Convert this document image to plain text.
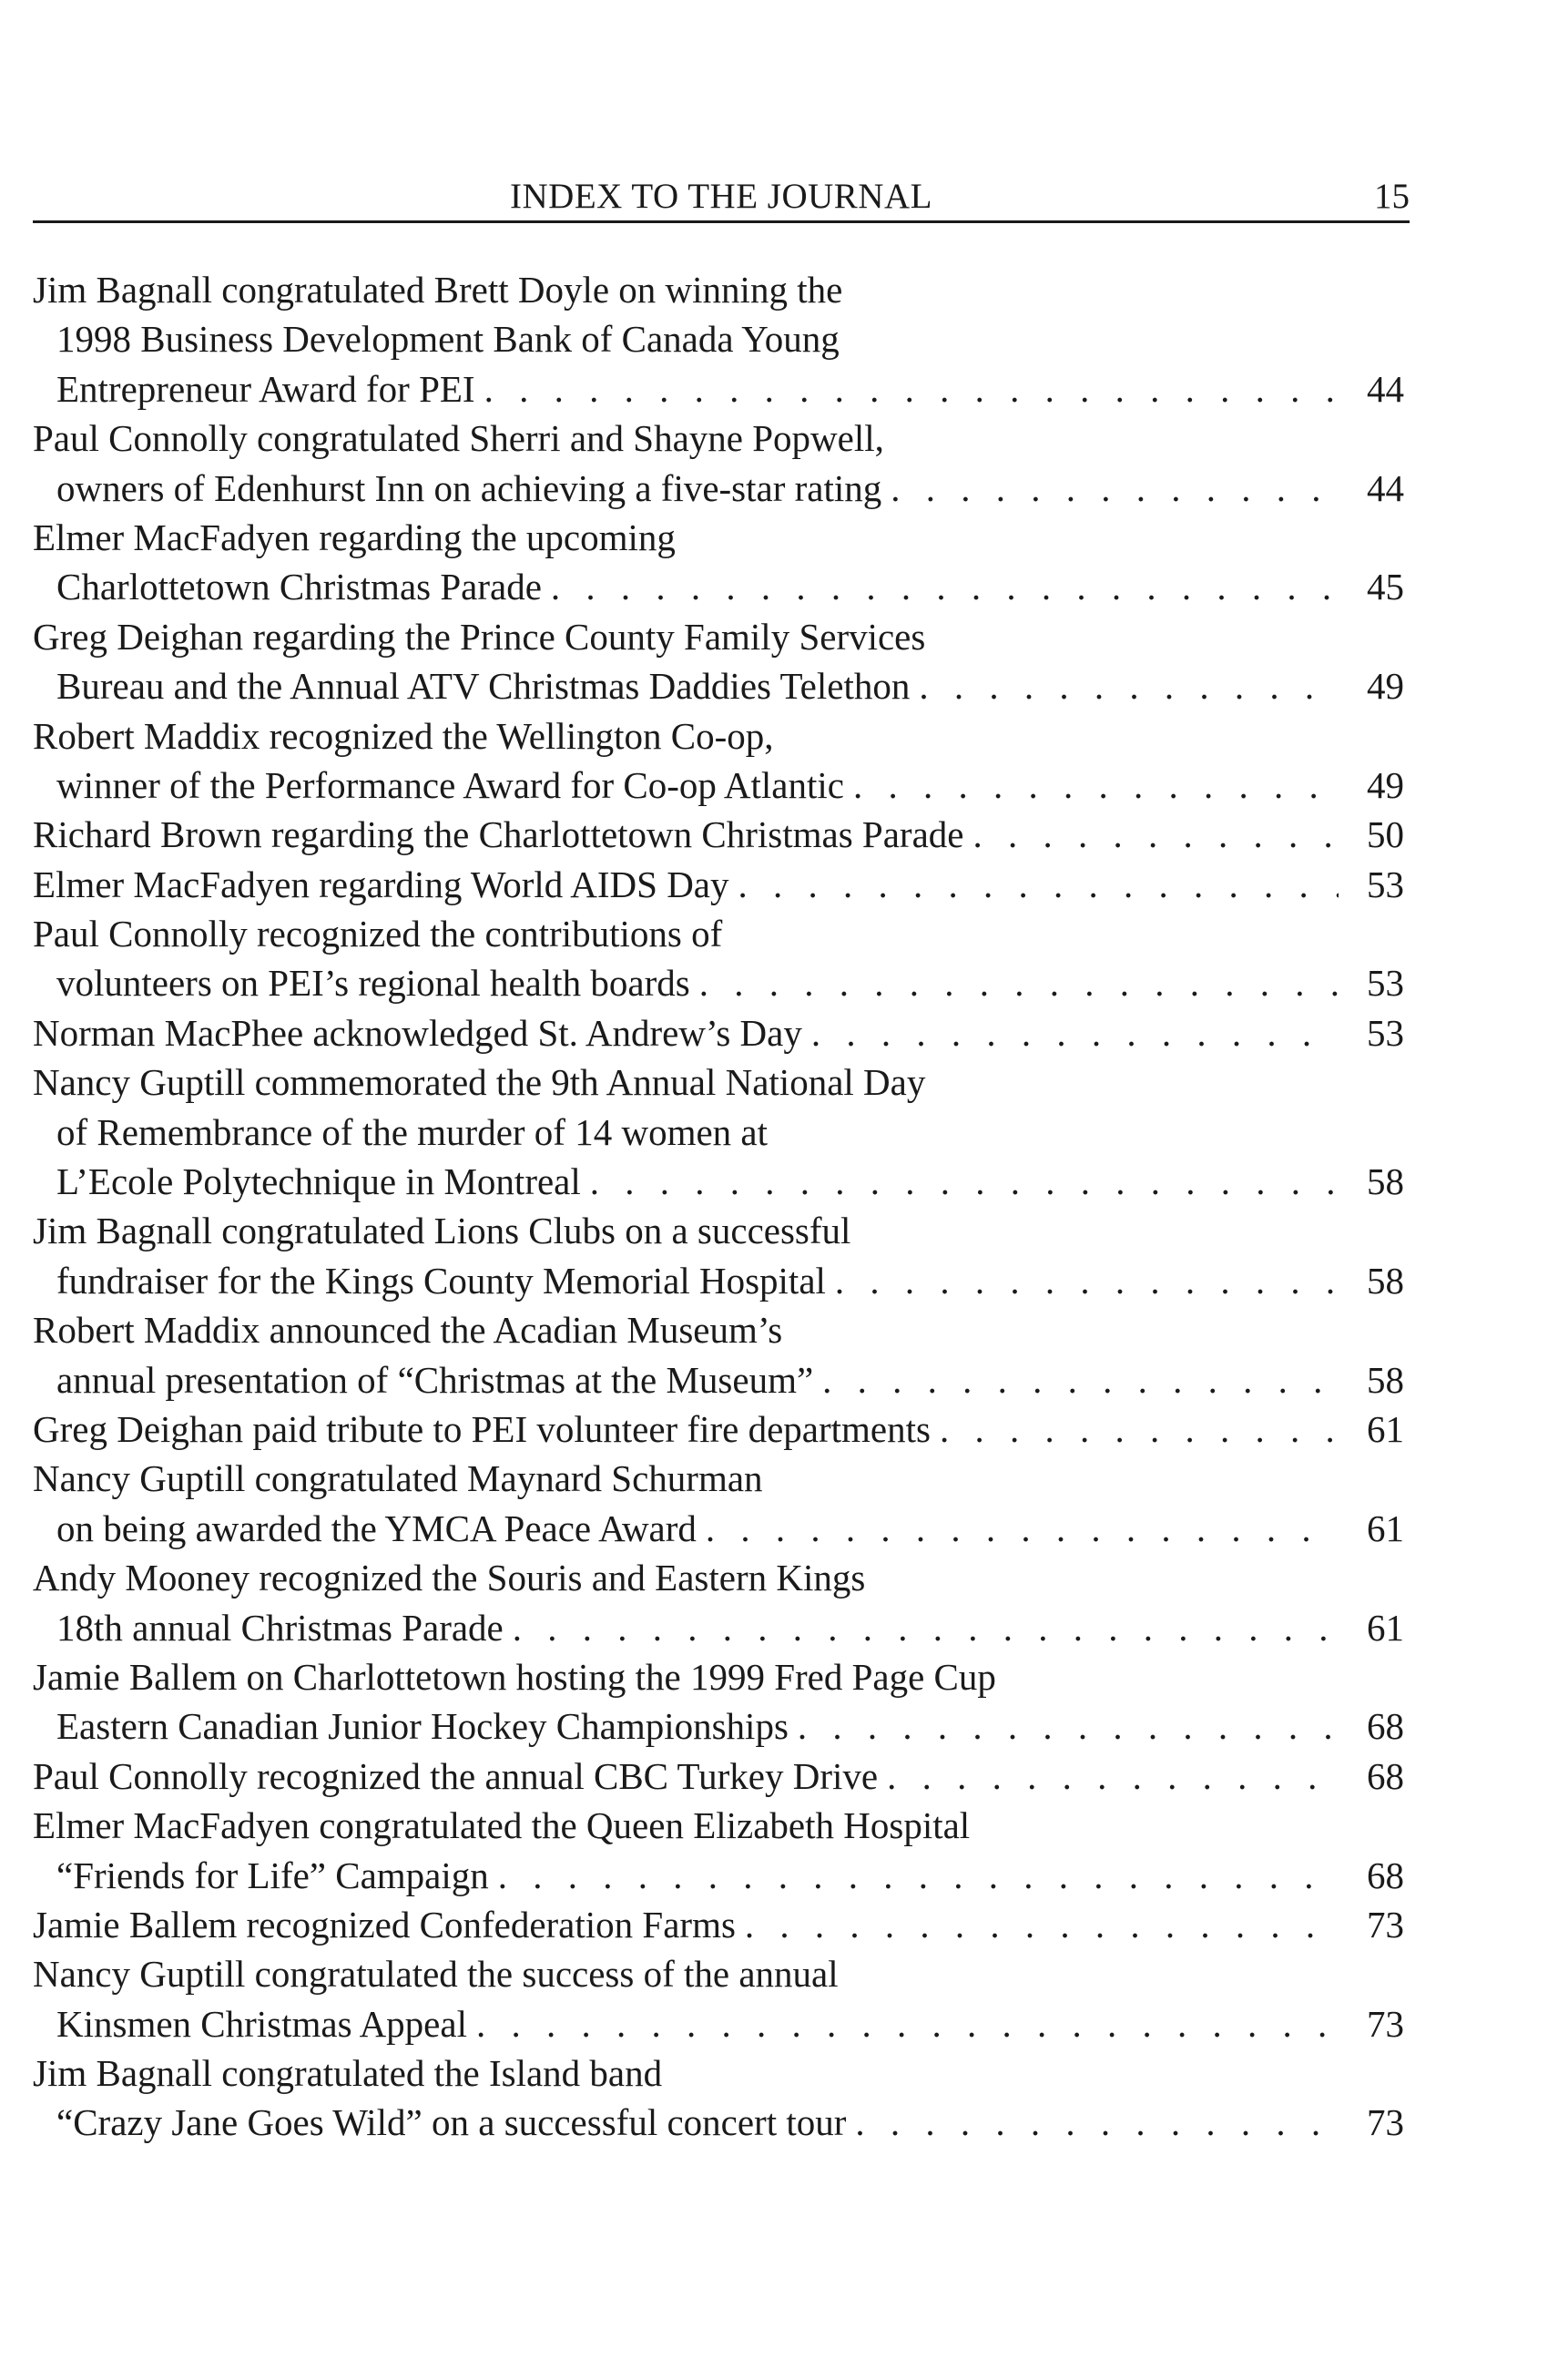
INDEX TO THE JOURNAL	15
Jim Bagnall congratulated Brett Doyle on winning the
1998 Business Development Bank of Canada Young
Entrepreneur Award for PEI . . .	44
Paul Connolly congratulated Sherri and Shayne Popwell,
owners of Edenhurst Inn on achieving a five-star rating . . .	44
Elmer MacFadyen regarding the upcoming
Charlottetown Christmas Parade . . .	45
Greg Deighan regarding the Prince County Family Services
Bureau and the Annual ATV Christmas Daddies Telethon . . .	49
Robert Maddix recognized the Wellington Co-op,
winner of the Performance Award for Co-op Atlantic . . .	49
Richard Brown regarding the Charlottetown Christmas Parade . . .	50
Elmer MacFadyen regarding World AIDS Day . . .	53
Paul Connolly recognized the contributions of
volunteers on PEI’s regional health boards . . .	53
Norman MacPhee acknowledged St. Andrew’s Day . . .	53
Nancy Guptill commemorated the 9th Annual National Day
of Remembrance of the murder of 14 women at
L’Ecole Polytechnique in Montreal . . .	58
Jim Bagnall congratulated Lions Clubs on a successful
fundraiser for the Kings County Memorial Hospital . . .	58
Robert Maddix announced the Acadian Museum’s
annual presentation of “Christmas at the Museum” . . .	58
Greg Deighan paid tribute to PEI volunteer fire departments . . .	61
Nancy Guptill congratulated Maynard Schurman
on being awarded the YMCA Peace Award . . .	61
Andy Mooney recognized the Souris and Eastern Kings
18th annual Christmas Parade . . .	61
Jamie Ballem on Charlottetown hosting the 1999 Fred Page Cup
Eastern Canadian Junior Hockey Championships . . .	68
Paul Connolly recognized the annual CBC Turkey Drive . . .	68
Elmer MacFadyen congratulated the Queen Elizabeth Hospital
“Friends for Life” Campaign . . .	68
Jamie Ballem recognized Confederation Farms . . .	73
Nancy Guptill congratulated the success of the annual
Kinsmen Christmas Appeal . . .	73
Jim Bagnall congratulated the Island band
“Crazy Jane Goes Wild” on a successful concert tour . . .	73
